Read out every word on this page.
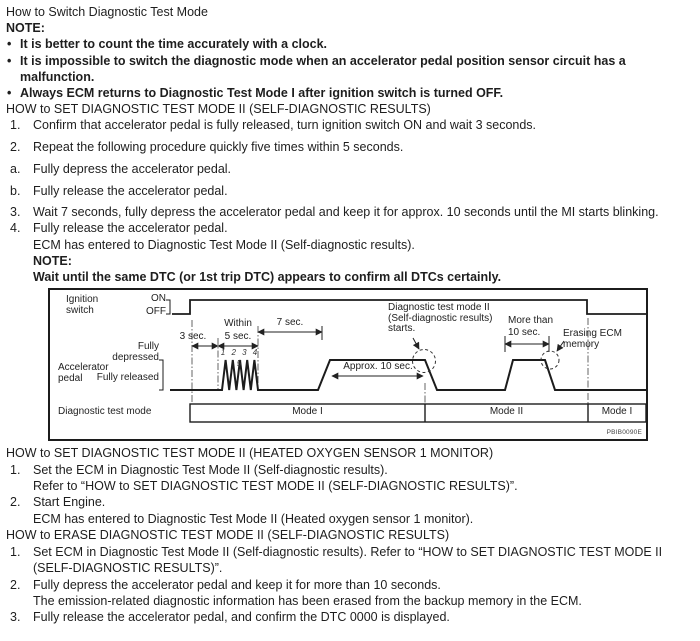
How to Switch Diagnostic Test Mode
NOTE:
•
It is better to count the time accurately with a clock.
•
It is impossible to switch the diagnostic mode when an accelerator pedal position sensor circuit has a malfunction.
•
Always ECM returns to Diagnostic Test Mode I after ignition switch is turned OFF.
HOW to SET DIAGNOSTIC TEST MODE II (SELF-DIAGNOSTIC RESULTS)
1.	Confirm that accelerator pedal is fully released, turn ignition switch ON and wait 3 seconds.
2.	Repeat the following procedure quickly five times within 5 seconds.
a.	Fully depress the accelerator pedal.
b.	Fully release the accelerator pedal.
3.	Wait 7 seconds, fully depress the accelerator pedal and keep it for approx. 10 seconds until the MI starts blinking.
4.	Fully release the accelerator pedal.
ECM has entered to Diagnostic Test Mode II (Self-diagnostic results).
NOTE:
Wait until the same DTC (or 1st trip DTC) appears to confirm all DTCs certainly.
Ignition switch
ON
OFF
Accelerator pedal
Fully depressed
Fully released
3 sec.
Within
5 sec.
7 sec.
1 2 3 4 5	Approx. 10 sec.
Diagnostic test mode II (Self-diagnostic results) starts.
More than
10 sec.	Erasing ECM memory
Diagnostic test mode	Mode I	Mode II	Mode I
PBIB0090E
HOW to SET DIAGNOSTIC TEST MODE II (HEATED OXYGEN SENSOR 1 MONITOR)
1.	Set the ECM in Diagnostic Test Mode II (Self-diagnostic results).
Refer to “HOW to SET DIAGNOSTIC TEST MODE II (SELF-DIAGNOSTIC RESULTS)”.
2.	Start Engine.
ECM has entered to Diagnostic Test Mode II (Heated oxygen sensor 1 monitor).
HOW to ERASE DIAGNOSTIC TEST MODE II (SELF-DIAGNOSTIC RESULTS)
1.	Set ECM in Diagnostic Test Mode II (Self-diagnostic results). Refer to “HOW to SET DIAGNOSTIC TEST MODE II (SELF-DIAGNOSTIC RESULTS)”.
2.	Fully depress the accelerator pedal and keep it for more than 10 seconds.
The emission-related diagnostic information has been erased from the backup memory in the ECM.
3.	Fully release the accelerator pedal, and confirm the DTC 0000 is displayed.
